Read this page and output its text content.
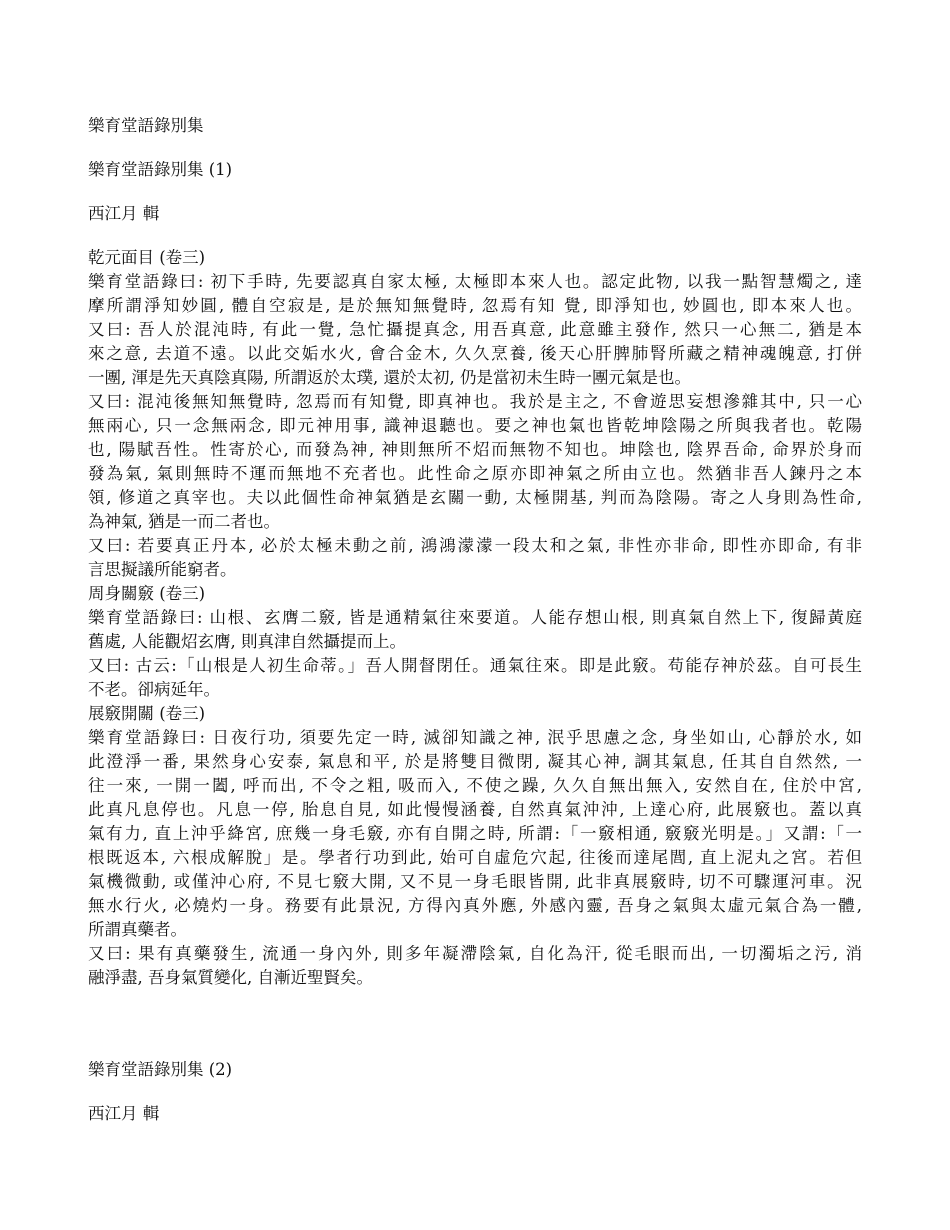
樂育堂語錄別集
樂育堂語錄別集 (1)
西江月 輯
乾元面目 (卷三)
樂育堂語錄曰: 初下手時, 先要認真自家太極, 太極即本來人也。認定此物, 以我一點智慧燭之, 達
摩所謂淨知妙圓, 體自空寂是, 是於無知無覺時, 忽焉有知 覺, 即淨知也, 妙圓也, 即本來人也。
又曰: 吾人於混沌時, 有此一覺, 急忙攝提真念, 用吾真意, 此意雖主發作, 然只一心無二, 猶是本
來之意, 去道不遠。以此交姤水火, 會合金木, 久久烹養, 後天心肝脾肺腎所藏之精神魂魄意, 打併
一團, 渾是先天真陰真陽, 所謂返於太璞, 還於太初, 仍是當初未生時一團元氣是也。
又曰: 混沌後無知無覺時, 忽焉而有知覺, 即真神也。我於是主之, 不會遊思妄想滲雜其中, 只一心
無兩心, 只一念無兩念, 即元神用事, 識神退聽也。要之神也氣也皆乾坤陰陽之所與我者也。乾陽
也, 陽賦吾性。性寄於心, 而發為神, 神則無所不炤而無物不知也。坤陰也, 陰界吾命, 命界於身而
發為氣, 氣則無時不運而無地不充者也。此性命之原亦即神氣之所由立也。然猶非吾人鍊丹之本
領, 修道之真宰也。夫以此個性命神氣猶是玄關一動, 太極開基, 判而為陰陽。寄之人身則為性命,
為神氣, 猶是一而二者也。
又曰: 若要真正丹本, 必於太極未動之前, 鴻鴻濛濛一段太和之氣, 非性亦非命, 即性亦即命, 有非
言思擬議所能窮者。
周身關竅 (卷三)
樂育堂語錄曰: 山根、玄膺二竅, 皆是通精氣往來要道。人能存想山根, 則真氣自然上下, 復歸黃庭
舊處, 人能觀炤玄膺, 則真津自然攝提而上。
又曰: 古云:「山根是人初生命蒂。」吾人開督閉任。通氣往來。即是此竅。苟能存神於茲。自可長生
不老。卻病延年。
展竅開關 (卷三)
樂育堂語錄曰: 日夜行功, 須要先定一時, 滅卻知識之神, 泯乎思慮之念, 身坐如山, 心靜於水, 如
此澄淨一番, 果然身心安泰, 氣息和平, 於是將雙目微閉, 凝其心神, 調其氣息, 任其自自然然, 一
往一來, 一開一闔, 呼而出, 不令之粗, 吸而入, 不使之躁, 久久自無出無入, 安然自在, 住於中宮,
此真凡息停也。凡息一停, 胎息自見, 如此慢慢涵養, 自然真氣沖沖, 上達心府, 此展竅也。蓋以真
氣有力, 直上沖乎絳宮, 庶幾一身毛竅, 亦有自開之時, 所謂:「一竅相通, 竅竅光明是。」又謂:「一
根既返本, 六根成解脫」是。學者行功到此, 始可自虛危穴起, 往後而達尾閭, 直上泥丸之宮。若但
氣機微動, 或僅沖心府, 不見七竅大開, 又不見一身毛眼皆開, 此非真展竅時, 切不可驟運河車。況
無水行火, 必燒灼一身。務要有此景況, 方得內真外應, 外感內靈, 吾身之氣與太虛元氣合為一體,
所謂真藥者。
又曰: 果有真藥發生, 流通一身內外, 則多年凝滯陰氣, 自化為汗, 從毛眼而出, 一切濁垢之污, 消
融淨盡, 吾身氣質變化, 自漸近聖賢矣。
樂育堂語錄別集 (2)
西江月 輯
